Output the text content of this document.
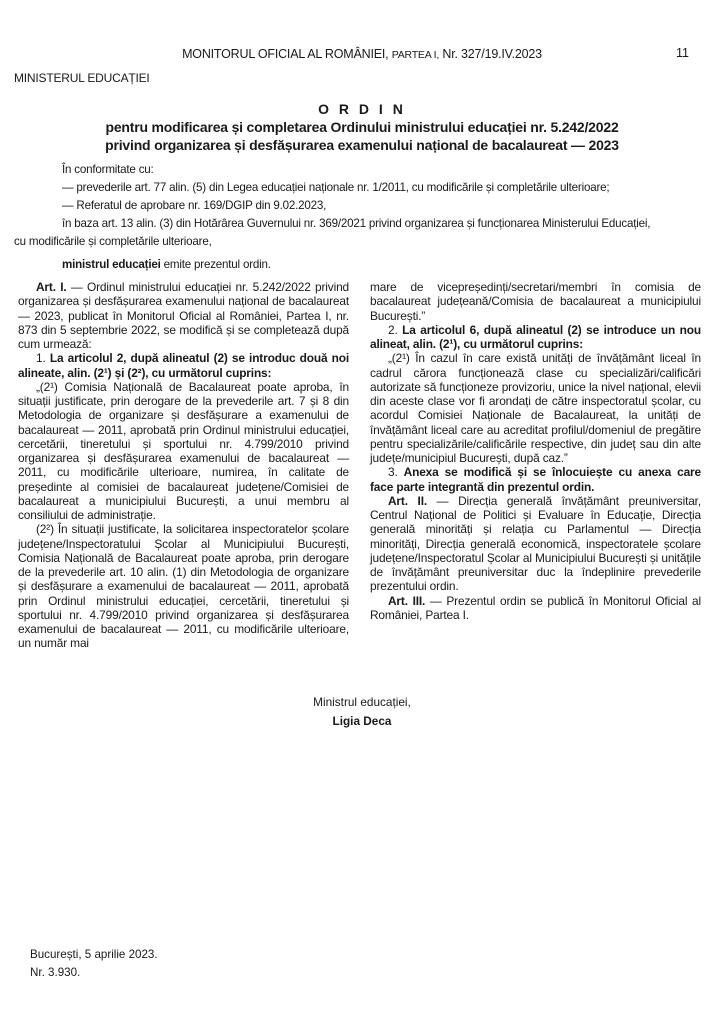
MONITORUL OFICIAL AL ROMÂNIEI, PARTEA I, Nr. 327/19.IV.2023	11
MINISTERUL EDUCAȚIEI
O R D I N
pentru modificarea și completarea Ordinului ministrului educației nr. 5.242/2022
privind organizarea și desfășurarea examenului național de bacalaureat — 2023
În conformitate cu:
— prevederile art. 77 alin. (5) din Legea educației naționale nr. 1/2011, cu modificările și completările ulterioare;
— Referatul de aprobare nr. 169/DGIP din 9.02.2023,
în baza art. 13 alin. (3) din Hotărârea Guvernului nr. 369/2021 privind organizarea și funcționarea Ministerului Educației,
cu modificările și completările ulterioare,
ministrul educației emite prezentul ordin.

Art. I. — Ordinul ministrului educației nr. 5.242/2022 privind organizarea și desfășurarea examenului național de bacalaureat — 2023, publicat în Monitorul Oficial al României, Partea I, nr. 873 din 5 septembrie 2022, se modifică și se completează după cum urmează:

1. La articolul 2, după alineatul (2) se introduc două noi alineate, alin. (2¹) și (2²), cu următorul cuprins:

„(2¹) Comisia Națională de Bacalaureat poate aproba, în situații justificate, prin derogare de la prevederile art. 7 și 8 din Metodologia de organizare și desfășurare a examenului de bacalaureat — 2011, aprobată prin Ordinul ministrului educației, cercetării, tineretului și sportului nr. 4.799/2010 privind organizarea și desfășurarea examenului de bacalaureat — 2011, cu modificările ulterioare, numirea, în calitate de președinte al comisiei de bacalaureat județene/Comisiei de bacalaureat a municipiului București, a unui membru al consiliului de administrație.

(2²) În situații justificate, la solicitarea inspectoratelor școlare județene/Inspectoratului Școlar al Municipiului București, Comisia Națională de Bacalaureat poate aproba, prin derogare de la prevederile art. 10 alin. (1) din Metodologia de organizare și desfășurare a examenului de bacalaureat — 2011, aprobată prin Ordinul ministrului educației, cercetării, tineretului și sportului nr. 4.799/2010 privind organizarea și desfășurarea examenului de bacalaureat — 2011, cu modificările ulterioare, un număr mai

mare de vicepreședinți/secretari/membri în comisia de bacalaureat județeană/Comisia de bacalaureat a municipiului București.”

2. La articolul 6, după alineatul (2) se introduce un nou alineat, alin. (2¹), cu următorul cuprins:

„(2¹) În cazul în care există unități de învățământ liceal în cadrul cărora funcționează clase cu specializări/calificări autorizate să funcționeze provizoriu, unice la nivel național, elevii din aceste clase vor fi arondați de către inspectoratul școlar, cu acordul Comisiei Naționale de Bacalaureat, la unități de învățământ liceal care au acreditat profilul/domeniul de pregătire pentru specializările/calificările respective, din județ sau din alte județe/municipiul București, după caz.”

3. Anexa se modifică și se înlocuiește cu anexa care face parte integrantă din prezentul ordin.

Art. II. — Direcția generală învățământ preuniversitar, Centrul Național de Politici și Evaluare în Educație, Direcția generală minorități și relația cu Parlamentul — Direcția minorități, Direcția generală economică, inspectoratele școlare județene/Inspectoratul Școlar al Municipiului București și unitățile de învățământ preuniversitar duc la îndeplinire prevederile prezentului ordin.

Art. III. — Prezentul ordin se publică în Monitorul Oficial al României, Partea I.

Ministrul educației,
Ligia Deca
București, 5 aprilie 2023.
Nr. 3.930.
